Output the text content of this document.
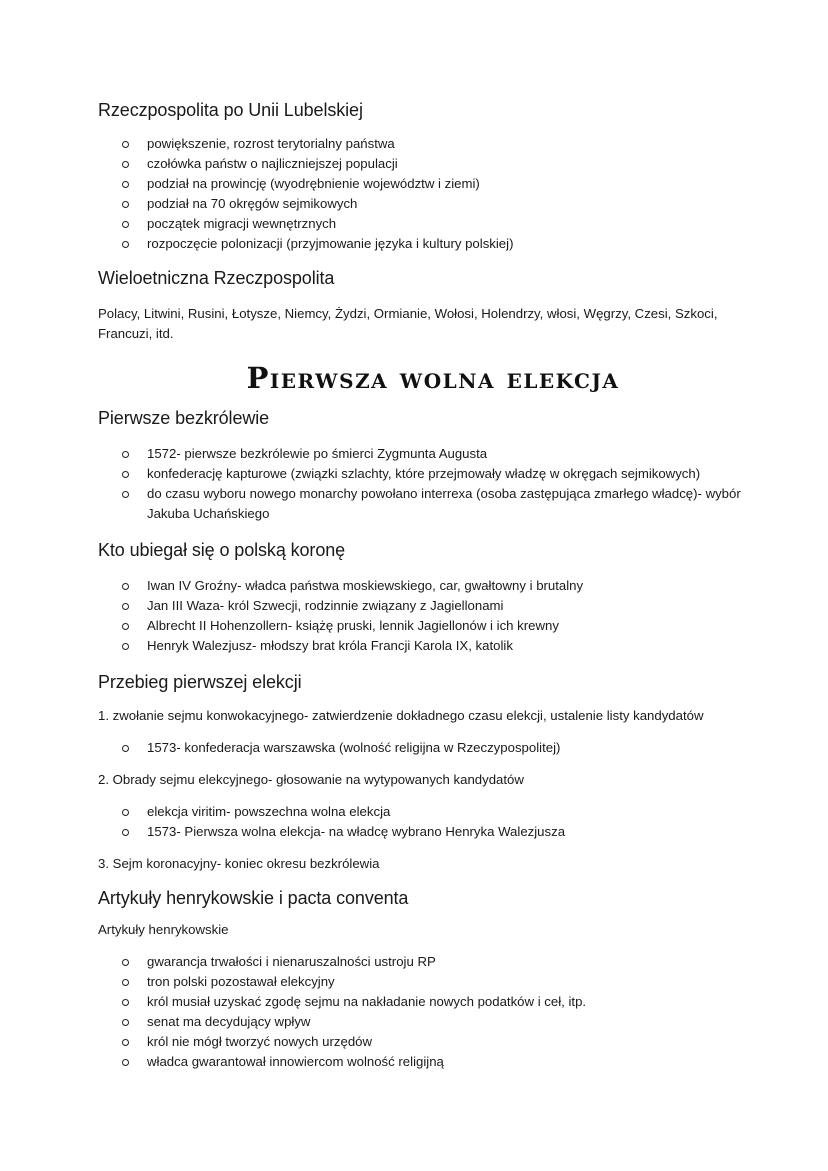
Rzeczpospolita po Unii Lubelskiej
powiększenie, rozrost terytorialny państwa
czołówka państw o najliczniejszej populacji
podział na prowincję (wyodrębnienie województw i ziemi)
podział na 70 okręgów sejmikowych
początek migracji wewnętrznych
rozpoczęcie polonizacji (przyjmowanie języka i kultury polskiej)
Wieloetniczna Rzeczpospolita

Polacy, Litwini, Rusini, Łotysze, Niemcy, Żydzi, Ormianie, Wołosi, Holendrzy, włosi, Węgrzy, Czesi, Szkoci, Francuzi, itd.

Pierwsza wolna elekcja
Pierwsze bezkrólewie
1572- pierwsze bezkrólewie po śmierci Zygmunta Augusta
konfederację kapturowe (związki szlachty, które przejmowały władzę w okręgach sejmikowych)
do czasu wyboru nowego monarchy powołano interrexa (osoba zastępująca zmarłego władcę)- wybór Jakuba Uchańskiego
Kto ubiegał się o polską koronę
Iwan IV Groźny- władca państwa moskiewskiego, car, gwałtowny i brutalny
Jan III Waza- król Szwecji, rodzinnie związany z Jagiellonami
Albrecht II Hohenzollern- książę pruski, lennik Jagiellonów i ich krewny
Henryk Walezjusz- młodszy brat króla Francji Karola IX, katolik
Przebieg pierwszej elekcji

1. zwołanie sejmu konwokacyjnego- zatwierdzenie dokładnego czasu elekcji, ustalenie listy kandydatów

1573- konfederacja warszawska (wolność religijna w Rzeczypospolitej)

2. Obrady sejmu elekcyjnego- głosowanie na wytypowanych kandydatów

elekcja viritim- powszechna wolna elekcja
1573- Pierwsza wolna elekcja- na władcę wybrano Henryka Walezjusza

3. Sejm koronacyjny- koniec okresu bezkrólewia

Artykuły henrykowskie i pacta conventa

Artykuły henrykowskie

gwarancja trwałości i nienaruszalności ustroju RP
tron polski pozostawał elekcyjny
król musiał uzyskać zgodę sejmu na nakładanie nowych podatków i ceł, itp.
senat ma decydujący wpływ
król nie mógł tworzyć nowych urzędów
władca gwarantował innowiercom wolność religijną
